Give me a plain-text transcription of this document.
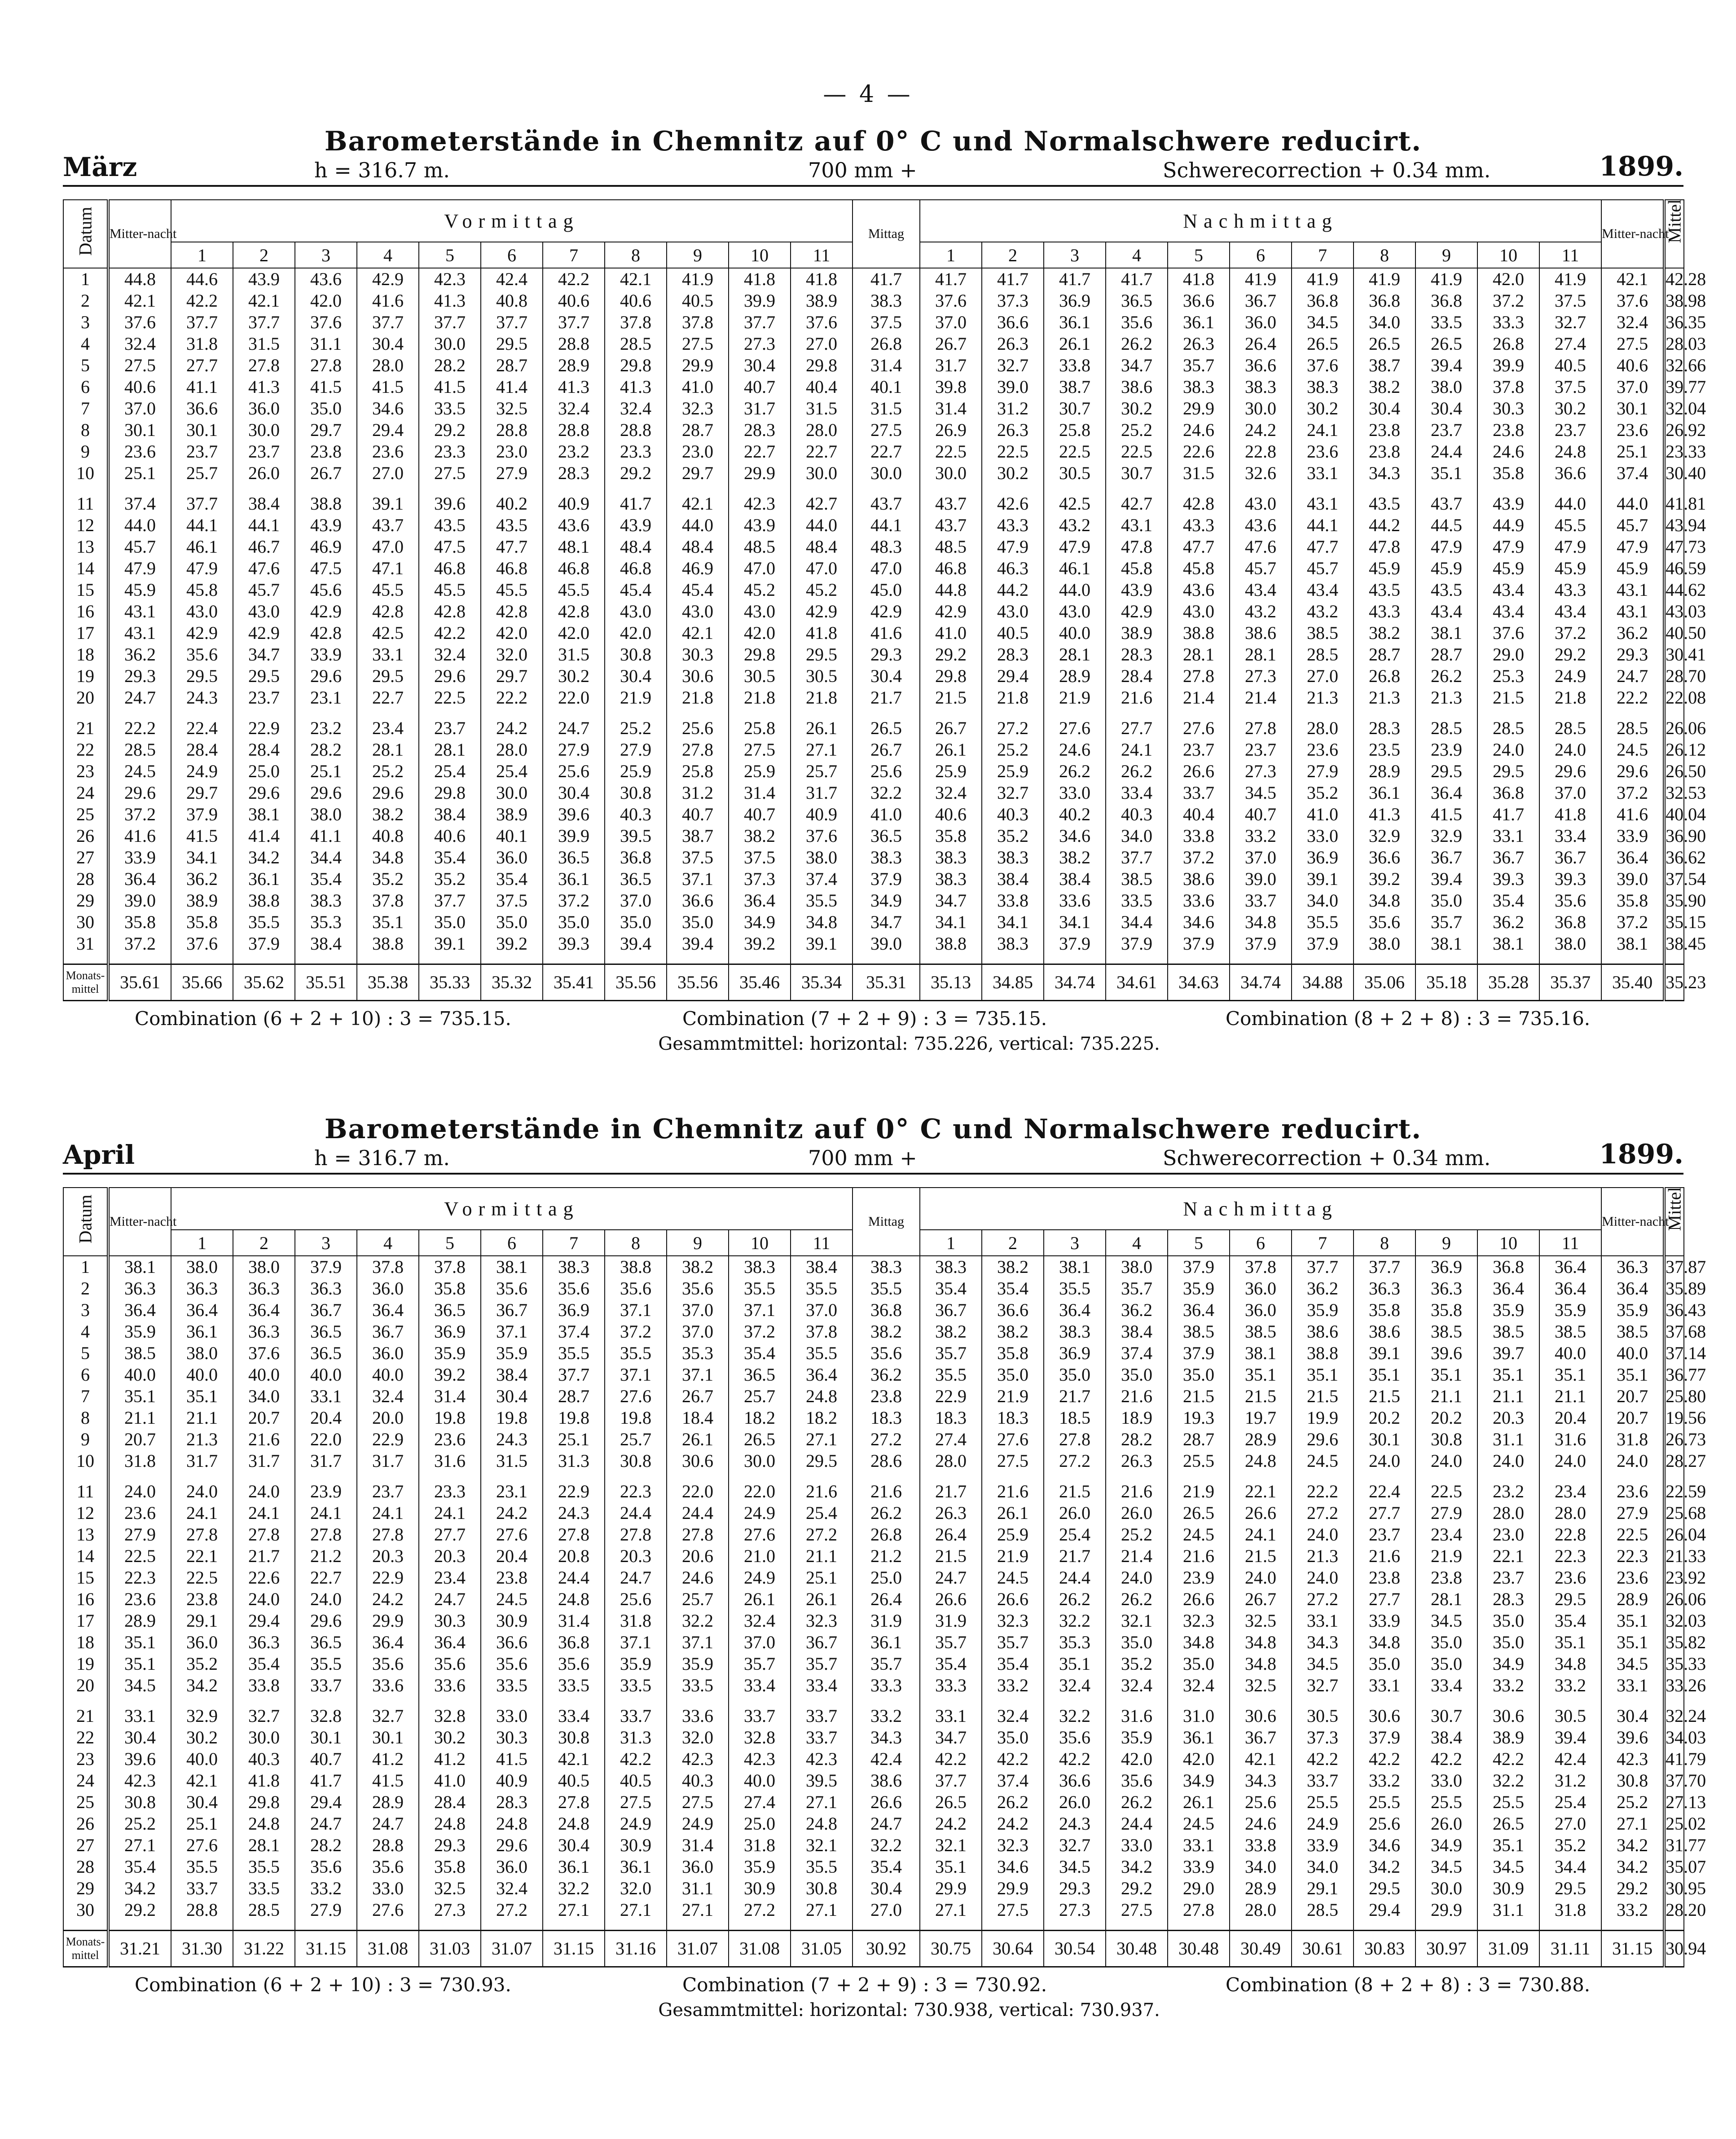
— 4 —
Barometerstände in Chemnitz auf 0° C und Normalschwere reducirt.
März	h = 316.7 m.	700 mm +	Schwerecorrection + 0.34 mm.	1899.
Datum	Mitter-nacht	Vormittag											Mittag	Nachmittag											Mitter-nacht	Mittel

		1	2	3	4	5	6	7	8	9	10	11		1	2	3	4	5	6	7	8	9	10	11		
1	44.8	44.6	43.9	43.6	42.9	42.3	42.4	42.2	42.1	41.9	41.8	41.8	41.7	41.7	41.7	41.7	41.7	41.8	41.9	41.9	41.9	41.9	42.0	41.9	42.1	42.28
2	42.1	42.2	42.1	42.0	41.6	41.3	40.8	40.6	40.6	40.5	39.9	38.9	38.3	37.6	37.3	36.9	36.5	36.6	36.7	36.8	36.8	36.8	37.2	37.5	37.6	38.98
3	37.6	37.7	37.7	37.6	37.7	37.7	37.7	37.7	37.8	37.8	37.7	37.6	37.5	37.0	36.6	36.1	35.6	36.1	36.0	34.5	34.0	33.5	33.3	32.7	32.4	36.35
4	32.4	31.8	31.5	31.1	30.4	30.0	29.5	28.8	28.5	27.5	27.3	27.0	26.8	26.7	26.3	26.1	26.2	26.3	26.4	26.5	26.5	26.5	26.8	27.4	27.5	28.03
5	27.5	27.7	27.8	27.8	28.0	28.2	28.7	28.9	29.8	29.9	30.4	29.8	31.4	31.7	32.7	33.8	34.7	35.7	36.6	37.6	38.7	39.4	39.9	40.5	40.6	32.66
6	40.6	41.1	41.3	41.5	41.5	41.5	41.4	41.3	41.3	41.0	40.7	40.4	40.1	39.8	39.0	38.7	38.6	38.3	38.3	38.3	38.2	38.0	37.8	37.5	37.0	39.77
7	37.0	36.6	36.0	35.0	34.6	33.5	32.5	32.4	32.4	32.3	31.7	31.5	31.5	31.4	31.2	30.7	30.2	29.9	30.0	30.2	30.4	30.4	30.3	30.2	30.1	32.04
8	30.1	30.1	30.0	29.7	29.4	29.2	28.8	28.8	28.8	28.7	28.3	28.0	27.5	26.9	26.3	25.8	25.2	24.6	24.2	24.1	23.8	23.7	23.8	23.7	23.6	26.92
9	23.6	23.7	23.7	23.8	23.6	23.3	23.0	23.2	23.3	23.0	22.7	22.7	22.7	22.5	22.5	22.5	22.5	22.6	22.8	23.6	23.8	24.4	24.6	24.8	25.1	23.33
10	25.1	25.7	26.0	26.7	27.0	27.5	27.9	28.3	29.2	29.7	29.9	30.0	30.0	30.0	30.2	30.5	30.7	31.5	32.6	33.1	34.3	35.1	35.8	36.6	37.4	30.40

11	37.4	37.7	38.4	38.8	39.1	39.6	40.2	40.9	41.7	42.1	42.3	42.7	43.7	43.7	42.6	42.5	42.7	42.8	43.0	43.1	43.5	43.7	43.9	44.0	44.0	41.81
12	44.0	44.1	44.1	43.9	43.7	43.5	43.5	43.6	43.9	44.0	43.9	44.0	44.1	43.7	43.3	43.2	43.1	43.3	43.6	44.1	44.2	44.5	44.9	45.5	45.7	43.94
13	45.7	46.1	46.7	46.9	47.0	47.5	47.7	48.1	48.4	48.4	48.5	48.4	48.3	48.5	47.9	47.9	47.8	47.7	47.6	47.7	47.8	47.9	47.9	47.9	47.9	47.73
14	47.9	47.9	47.6	47.5	47.1	46.8	46.8	46.8	46.8	46.9	47.0	47.0	47.0	46.8	46.3	46.1	45.8	45.8	45.7	45.7	45.9	45.9	45.9	45.9	45.9	46.59
15	45.9	45.8	45.7	45.6	45.5	45.5	45.5	45.5	45.4	45.4	45.2	45.2	45.0	44.8	44.2	44.0	43.9	43.6	43.4	43.4	43.5	43.5	43.4	43.3	43.1	44.62
16	43.1	43.0	43.0	42.9	42.8	42.8	42.8	42.8	43.0	43.0	43.0	42.9	42.9	42.9	43.0	43.0	42.9	43.0	43.2	43.2	43.3	43.4	43.4	43.4	43.1	43.03
17	43.1	42.9	42.9	42.8	42.5	42.2	42.0	42.0	42.0	42.1	42.0	41.8	41.6	41.0	40.5	40.0	38.9	38.8	38.6	38.5	38.2	38.1	37.6	37.2	36.2	40.50
18	36.2	35.6	34.7	33.9	33.1	32.4	32.0	31.5	30.8	30.3	29.8	29.5	29.3	29.2	28.3	28.1	28.3	28.1	28.1	28.5	28.7	28.7	29.0	29.2	29.3	30.41
19	29.3	29.5	29.5	29.6	29.5	29.6	29.7	30.2	30.4	30.6	30.5	30.5	30.4	29.8	29.4	28.9	28.4	27.8	27.3	27.0	26.8	26.2	25.3	24.9	24.7	28.70
20	24.7	24.3	23.7	23.1	22.7	22.5	22.2	22.0	21.9	21.8	21.8	21.8	21.7	21.5	21.8	21.9	21.6	21.4	21.4	21.3	21.3	21.3	21.5	21.8	22.2	22.08

21	22.2	22.4	22.9	23.2	23.4	23.7	24.2	24.7	25.2	25.6	25.8	26.1	26.5	26.7	27.2	27.6	27.7	27.6	27.8	28.0	28.3	28.5	28.5	28.5	28.5	26.06
22	28.5	28.4	28.4	28.2	28.1	28.1	28.0	27.9	27.9	27.8	27.5	27.1	26.7	26.1	25.2	24.6	24.1	23.7	23.7	23.6	23.5	23.9	24.0	24.0	24.5	26.12
23	24.5	24.9	25.0	25.1	25.2	25.4	25.4	25.6	25.9	25.8	25.9	25.7	25.6	25.9	25.9	26.2	26.2	26.6	27.3	27.9	28.9	29.5	29.5	29.6	29.6	26.50
24	29.6	29.7	29.6	29.6	29.6	29.8	30.0	30.4	30.8	31.2	31.4	31.7	32.2	32.4	32.7	33.0	33.4	33.7	34.5	35.2	36.1	36.4	36.8	37.0	37.2	32.53
25	37.2	37.9	38.1	38.0	38.2	38.4	38.9	39.6	40.3	40.7	40.7	40.9	41.0	40.6	40.3	40.2	40.3	40.4	40.7	41.0	41.3	41.5	41.7	41.8	41.6	40.04
26	41.6	41.5	41.4	41.1	40.8	40.6	40.1	39.9	39.5	38.7	38.2	37.6	36.5	35.8	35.2	34.6	34.0	33.8	33.2	33.0	32.9	32.9	33.1	33.4	33.9	36.90
27	33.9	34.1	34.2	34.4	34.8	35.4	36.0	36.5	36.8	37.5	37.5	38.0	38.3	38.3	38.3	38.2	37.7	37.2	37.0	36.9	36.6	36.7	36.7	36.7	36.4	36.62
28	36.4	36.2	36.1	35.4	35.2	35.2	35.4	36.1	36.5	37.1	37.3	37.4	37.9	38.3	38.4	38.4	38.5	38.6	39.0	39.1	39.2	39.4	39.3	39.3	39.0	37.54
29	39.0	38.9	38.8	38.3	37.8	37.7	37.5	37.2	37.0	36.6	36.4	35.5	34.9	34.7	33.8	33.6	33.5	33.6	33.7	34.0	34.8	35.0	35.4	35.6	35.8	35.90
30	35.8	35.8	35.5	35.3	35.1	35.0	35.0	35.0	35.0	35.0	34.9	34.8	34.7	34.1	34.1	34.1	34.4	34.6	34.8	35.5	35.6	35.7	36.2	36.8	37.2	35.15
31	37.2	37.6	37.9	38.4	38.8	39.1	39.2	39.3	39.4	39.4	39.2	39.1	39.0	38.8	38.3	37.9	37.9	37.9	37.9	37.9	38.0	38.1	38.1	38.0	38.1	38.45

Monats-mittel	35.61	35.66	35.62	35.51	35.38	35.33	35.32	35.41	35.56	35.56	35.46	35.34	35.31	35.13	34.85	34.74	34.61	34.63	34.74	34.88	35.06	35.18	35.28	35.37	35.40	35.23
Combination (6 + 2 + 10) : 3 = 735.15.	Combination (7 + 2 + 9) : 3 = 735.15.	Combination (8 + 2 + 8) : 3 = 735.16.
Gesammtmittel: horizontal: 735.226, vertical: 735.225.
Barometerstände in Chemnitz auf 0° C und Normalschwere reducirt.
April	h = 316.7 m.	700 mm +	Schwerecorrection + 0.34 mm.	1899.
Datum	Mitter-nacht	Vormittag											Mittag	Nachmittag											Mitter-nacht	Mittel

		1	2	3	4	5	6	7	8	9	10	11		1	2	3	4	5	6	7	8	9	10	11		
1	38.1	38.0	38.0	37.9	37.8	37.8	38.1	38.3	38.8	38.2	38.3	38.4	38.3	38.3	38.2	38.1	38.0	37.9	37.8	37.7	37.7	36.9	36.8	36.4	36.3	37.87
2	36.3	36.3	36.3	36.3	36.0	35.8	35.6	35.6	35.6	35.6	35.5	35.5	35.5	35.4	35.4	35.5	35.7	35.9	36.0	36.2	36.3	36.3	36.4	36.4	36.4	35.89
3	36.4	36.4	36.4	36.7	36.4	36.5	36.7	36.9	37.1	37.0	37.1	37.0	36.8	36.7	36.6	36.4	36.2	36.4	36.0	35.9	35.8	35.8	35.9	35.9	35.9	36.43
4	35.9	36.1	36.3	36.5	36.7	36.9	37.1	37.4	37.2	37.0	37.2	37.8	38.2	38.2	38.2	38.3	38.4	38.5	38.5	38.6	38.6	38.5	38.5	38.5	38.5	37.68
5	38.5	38.0	37.6	36.5	36.0	35.9	35.9	35.5	35.5	35.3	35.4	35.5	35.6	35.7	35.8	36.9	37.4	37.9	38.1	38.8	39.1	39.6	39.7	40.0	40.0	37.14
6	40.0	40.0	40.0	40.0	40.0	39.2	38.4	37.7	37.1	37.1	36.5	36.4	36.2	35.5	35.0	35.0	35.0	35.0	35.1	35.1	35.1	35.1	35.1	35.1	35.1	36.77
7	35.1	35.1	34.0	33.1	32.4	31.4	30.4	28.7	27.6	26.7	25.7	24.8	23.8	22.9	21.9	21.7	21.6	21.5	21.5	21.5	21.5	21.1	21.1	21.1	20.7	25.80
8	21.1	21.1	20.7	20.4	20.0	19.8	19.8	19.8	19.8	18.4	18.2	18.2	18.3	18.3	18.3	18.5	18.9	19.3	19.7	19.9	20.2	20.2	20.3	20.4	20.7	19.56
9	20.7	21.3	21.6	22.0	22.9	23.6	24.3	25.1	25.7	26.1	26.5	27.1	27.2	27.4	27.6	27.8	28.2	28.7	28.9	29.6	30.1	30.8	31.1	31.6	31.8	26.73
10	31.8	31.7	31.7	31.7	31.7	31.6	31.5	31.3	30.8	30.6	30.0	29.5	28.6	28.0	27.5	27.2	26.3	25.5	24.8	24.5	24.0	24.0	24.0	24.0	24.0	28.27

11	24.0	24.0	24.0	23.9	23.7	23.3	23.1	22.9	22.3	22.0	22.0	21.6	21.6	21.7	21.6	21.5	21.6	21.9	22.1	22.2	22.4	22.5	23.2	23.4	23.6	22.59
12	23.6	24.1	24.1	24.1	24.1	24.1	24.2	24.3	24.4	24.4	24.9	25.4	26.2	26.3	26.1	26.0	26.0	26.5	26.6	27.2	27.7	27.9	28.0	28.0	27.9	25.68
13	27.9	27.8	27.8	27.8	27.8	27.7	27.6	27.8	27.8	27.8	27.6	27.2	26.8	26.4	25.9	25.4	25.2	24.5	24.1	24.0	23.7	23.4	23.0	22.8	22.5	26.04
14	22.5	22.1	21.7	21.2	20.3	20.3	20.4	20.8	20.3	20.6	21.0	21.1	21.2	21.5	21.9	21.7	21.4	21.6	21.5	21.3	21.6	21.9	22.1	22.3	22.3	21.33
15	22.3	22.5	22.6	22.7	22.9	23.4	23.8	24.4	24.7	24.6	24.9	25.1	25.0	24.7	24.5	24.4	24.0	23.9	24.0	24.0	23.8	23.8	23.7	23.6	23.6	23.92
16	23.6	23.8	24.0	24.0	24.2	24.7	24.5	24.8	25.6	25.7	26.1	26.1	26.4	26.6	26.6	26.2	26.2	26.6	26.7	27.2	27.7	28.1	28.3	29.5	28.9	26.06
17	28.9	29.1	29.4	29.6	29.9	30.3	30.9	31.4	31.8	32.2	32.4	32.3	31.9	31.9	32.3	32.2	32.1	32.3	32.5	33.1	33.9	34.5	35.0	35.4	35.1	32.03
18	35.1	36.0	36.3	36.5	36.4	36.4	36.6	36.8	37.1	37.1	37.0	36.7	36.1	35.7	35.7	35.3	35.0	34.8	34.8	34.3	34.8	35.0	35.0	35.1	35.1	35.82
19	35.1	35.2	35.4	35.5	35.6	35.6	35.6	35.6	35.9	35.9	35.7	35.7	35.7	35.4	35.4	35.1	35.2	35.0	34.8	34.5	35.0	35.0	34.9	34.8	34.5	35.33
20	34.5	34.2	33.8	33.7	33.6	33.6	33.5	33.5	33.5	33.5	33.4	33.4	33.3	33.3	33.2	32.4	32.4	32.4	32.5	32.7	33.1	33.4	33.2	33.2	33.1	33.26

21	33.1	32.9	32.7	32.8	32.7	32.8	33.0	33.4	33.7	33.6	33.7	33.7	33.2	33.1	32.4	32.2	31.6	31.0	30.6	30.5	30.6	30.7	30.6	30.5	30.4	32.24
22	30.4	30.2	30.0	30.1	30.1	30.2	30.3	30.8	31.3	32.0	32.8	33.7	34.3	34.7	35.0	35.6	35.9	36.1	36.7	37.3	37.9	38.4	38.9	39.4	39.6	34.03
23	39.6	40.0	40.3	40.7	41.2	41.2	41.5	42.1	42.2	42.3	42.3	42.3	42.4	42.2	42.2	42.2	42.0	42.0	42.1	42.2	42.2	42.2	42.2	42.4	42.3	41.79
24	42.3	42.1	41.8	41.7	41.5	41.0	40.9	40.5	40.5	40.3	40.0	39.5	38.6	37.7	37.4	36.6	35.6	34.9	34.3	33.7	33.2	33.0	32.2	31.2	30.8	37.70
25	30.8	30.4	29.8	29.4	28.9	28.4	28.3	27.8	27.5	27.5	27.4	27.1	26.6	26.5	26.2	26.0	26.2	26.1	25.6	25.5	25.5	25.5	25.5	25.4	25.2	27.13
26	25.2	25.1	24.8	24.7	24.7	24.8	24.8	24.8	24.9	24.9	25.0	24.8	24.7	24.2	24.2	24.3	24.4	24.5	24.6	24.9	25.6	26.0	26.5	27.0	27.1	25.02
27	27.1	27.6	28.1	28.2	28.8	29.3	29.6	30.4	30.9	31.4	31.8	32.1	32.2	32.1	32.3	32.7	33.0	33.1	33.8	33.9	34.6	34.9	35.1	35.2	34.2	31.77
28	35.4	35.5	35.5	35.6	35.6	35.8	36.0	36.1	36.1	36.0	35.9	35.5	35.4	35.1	34.6	34.5	34.2	33.9	34.0	34.0	34.2	34.5	34.5	34.4	34.2	35.07
29	34.2	33.7	33.5	33.2	33.0	32.5	32.4	32.2	32.0	31.1	30.9	30.8	30.4	29.9	29.9	29.3	29.2	29.0	28.9	29.1	29.5	30.0	30.9	29.5	29.2	30.95
30	29.2	28.8	28.5	27.9	27.6	27.3	27.2	27.1	27.1	27.1	27.2	27.1	27.0	27.1	27.5	27.3	27.5	27.8	28.0	28.5	29.4	29.9	31.1	31.8	33.2	28.20

Monats-mittel	31.21	31.30	31.22	31.15	31.08	31.03	31.07	31.15	31.16	31.07	31.08	31.05	30.92	30.75	30.64	30.54	30.48	30.48	30.49	30.61	30.83	30.97	31.09	31.11	31.15	30.94
Combination (6 + 2 + 10) : 3 = 730.93.	Combination (7 + 2 + 9) : 3 = 730.92.	Combination (8 + 2 + 8) : 3 = 730.88.
Gesammtmittel: horizontal: 730.938, vertical: 730.937.
